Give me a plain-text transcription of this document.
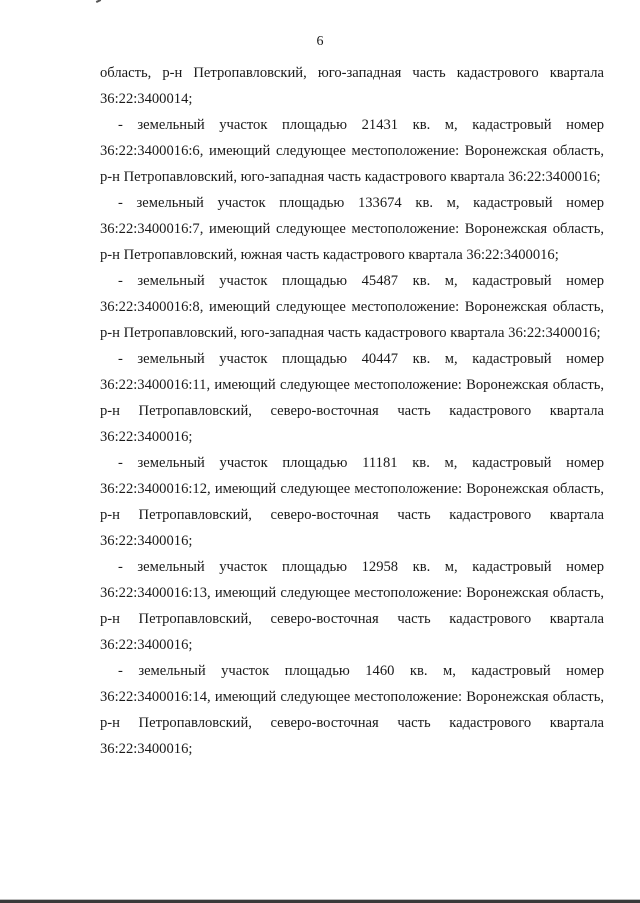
6

область, р-н Петропавловский, юго-западная часть кадастрового квартала 36:22:3400014;

- земельный участок площадью 21431 кв. м, кадастровый номер 36:22:3400016:6, имеющий следующее местоположение: Воронежская область, р-н Петропавловский, юго-западная часть кадастрового квартала 36:22:3400016;

- земельный участок площадью 133674 кв. м, кадастровый номер 36:22:3400016:7, имеющий следующее местоположение: Воронежская область, р-н Петропавловский, южная часть кадастрового квартала 36:22:3400016;

- земельный участок площадью 45487 кв. м, кадастровый номер 36:22:3400016:8, имеющий следующее местоположение: Воронежская область, р-н Петропавловский, юго-западная часть кадастрового квартала 36:22:3400016;

- земельный участок площадью 40447 кв. м, кадастровый номер 36:22:3400016:11, имеющий следующее местоположение: Воронежская область, р-н Петропавловский, северо-восточная часть кадастрового квартала 36:22:3400016;

- земельный участок площадью 11181 кв. м, кадастровый номер 36:22:3400016:12, имеющий следующее местоположение: Воронежская область, р-н Петропавловский, северо-восточная часть кадастрового квартала 36:22:3400016;

- земельный участок площадью 12958 кв. м, кадастровый номер 36:22:3400016:13, имеющий следующее местоположение: Воронежская область, р-н Петропавловский, северо-восточная часть кадастрового квартала 36:22:3400016;

- земельный участок площадью 1460 кв. м, кадастровый номер 36:22:3400016:14, имеющий следующее местоположение: Воронежская область, р-н Петропавловский, северо-восточная часть кадастрового квартала 36:22:3400016;
